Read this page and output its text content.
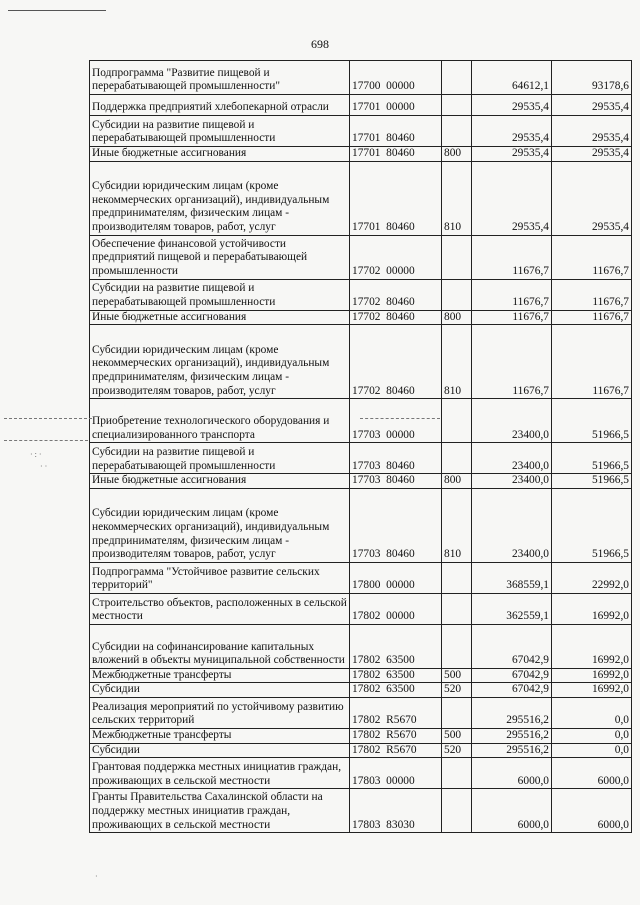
698
Подпрограмма "Развитие пищевой и перерабатывающей промышленности"	17700  00000		64612,1	93178,6
Поддержка предприятий хлебопекарной отрасли	17701  00000		29535,4	29535,4
Субсидии на развитие пищевой и перерабатывающей промышленности	17701  80460		29535,4	29535,4
Иные бюджетные ассигнования	17701  80460	800	29535,4	29535,4
Субсидии юридическим лицам (кроме некоммерческих организаций), индивидуальным предпринимателям, физическим лицам - производителям товаров, работ, услуг	17701  80460	810	29535,4	29535,4
Обеспечение финансовой устойчивости предприятий пищевой и перерабатывающей промышленности	17702  00000		11676,7	11676,7
Субсидии на развитие пищевой и перерабатывающей промышленности	17702  80460		11676,7	11676,7
Иные бюджетные ассигнования	17702  80460	800	11676,7	11676,7
Субсидии юридическим лицам (кроме некоммерческих организаций), индивидуальным предпринимателям, физическим лицам - производителям товаров, работ, услуг	17702  80460	810	11676,7	11676,7
Приобретение технологического оборудования и специализированного транспорта	17703  00000		23400,0	51966,5
Субсидии на развитие пищевой и перерабатывающей промышленности	17703  80460		23400,0	51966,5
Иные бюджетные ассигнования	17703  80460	800	23400,0	51966,5
Субсидии юридическим лицам (кроме некоммерческих организаций), индивидуальным предпринимателям, физическим лицам - производителям товаров, работ, услуг	17703  80460	810	23400,0	51966,5
Подпрограмма "Устойчивое развитие сельских территорий"	17800  00000		368559,1	22992,0
Строительство объектов, расположенных в сельской местности	17802  00000		362559,1	16992,0
Субсидии на софинансирование капитальных вложений в объекты муниципальной собственности	17802  63500		67042,9	16992,0
Межбюджетные трансферты	17802  63500	500	67042,9	16992,0
Субсидии	17802  63500	520	67042,9	16992,0
Реализация мероприятий по устойчивому развитию сельских территорий	17802  R5670		295516,2	0,0
Межбюджетные трансферты	17802  R5670	500	295516,2	0,0
Субсидии	17802  R5670	520	295516,2	0,0
Грантовая поддержка местных инициатив граждан, проживающих в сельской местности	17803  00000		6000,0	6000,0
Гранты Правительства Сахалинской области на поддержку местных инициатив граждан, проживающих в сельской местности	17803  83030		6000,0	6000,0
· : ·
· ·
·
